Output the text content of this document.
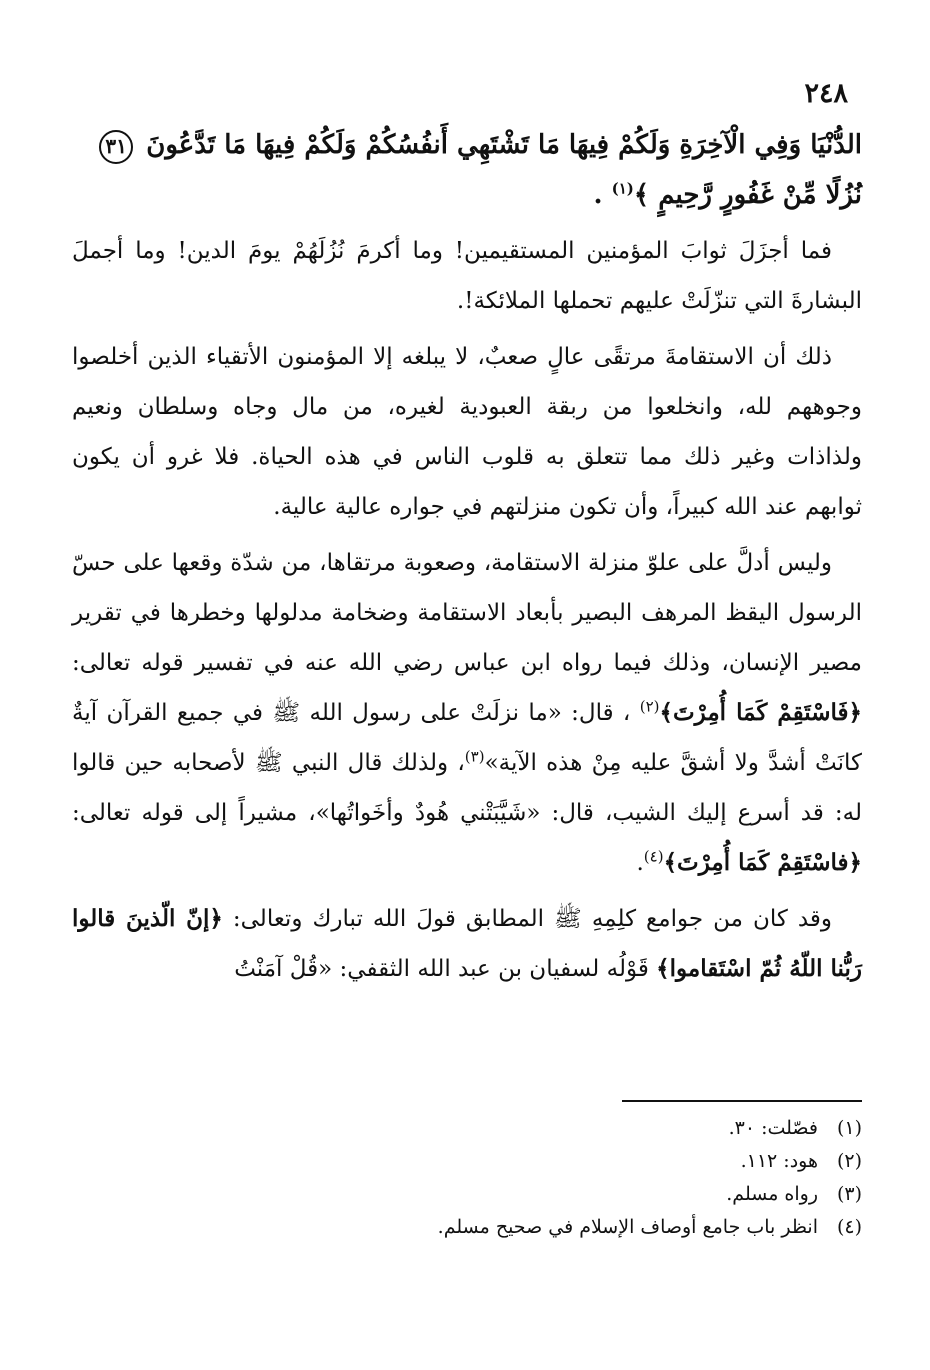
٢٤٨

الدُّنْيَا وَفِي الْآخِرَةِ وَلَكُمْ فِيهَا مَا تَشْتَهِي أَنفُسُكُمْ وَلَكُمْ فِيهَا مَا تَدَّعُونَ ٣١
نُزُلًا مِّنْ غَفُورٍ رَّحِيمٍ ﴾$^{(١)}$ .

فما أجزَلَ ثوابَ المؤمنين المستقيمين! وما أكرمَ نُزُلَهُمْ يومَ الدين! وما أجملَ البشارةَ التي تنزّلَتْ عليهم تحملها الملائكة!.

ذلك أن الاستقامةَ مرتقًى عالٍ صعبٌ، لا يبلغه إلا المؤمنون الأتقياء الذين أخلصوا وجوههم لله، وانخلعوا من ربقة العبودية لغيره، من مال وجاه وسلطان ونعيم ولذاذات وغير ذلك مما تتعلق به قلوب الناس في هذه الحياة. فلا غرو أن يكون ثوابهم عند الله كبيراً، وأن تكون منزلتهم في جواره عالية عالية.

وليس أدلَّ على علوّ منزلة الاستقامة، وصعوبة مرتقاها، من شدّة وقعها على حسّ الرسول اليقظ المرهف البصير بأبعاد الاستقامة وضخامة مدلولها وخطرها في تقرير مصير الإنسان، وذلك فيما رواه ابن عباس رضي الله عنه في تفسير قوله تعالى: ﴿فَاسْتَقِمْ كَمَا أُمِرْتَ﴾$^{(٢)}$ ، قال: «ما نزلَتْ على رسول الله ﷺ في جميع القرآن آيةٌ كانَتْ أشدَّ ولا أشقَّ عليه مِنْ هذه الآية»$^{(٣)}$، ولذلك قال النبي ﷺ لأصحابه حين قالوا له: قد أسرع إليك الشيب، قال: «شَيَّبَتْني هُودٌ وأخَواتُها»، مشيراً إلى قوله تعالى: ﴿فاسْتَقِمْ كَمَا أُمِرْتَ﴾$^{(٤)}$.

وقد كان من جوامع كلِمِهِ ﷺ المطابق قولَ الله تبارك وتعالى: ﴿إنّ الّذينَ قالوا رَبُّنا اللّهُ ثُمّ اسْتَقاموا﴾ قَوْلُه لسفيان بن عبد الله الثقفي: «قُلْ آمَنْتُ

(١)
فصّلت: ٣٠.
(٢)
هود: ١١٢.
(٣)
رواه مسلم.
(٤)
انظر باب جامع أوصاف الإسلام في صحيح مسلم.
